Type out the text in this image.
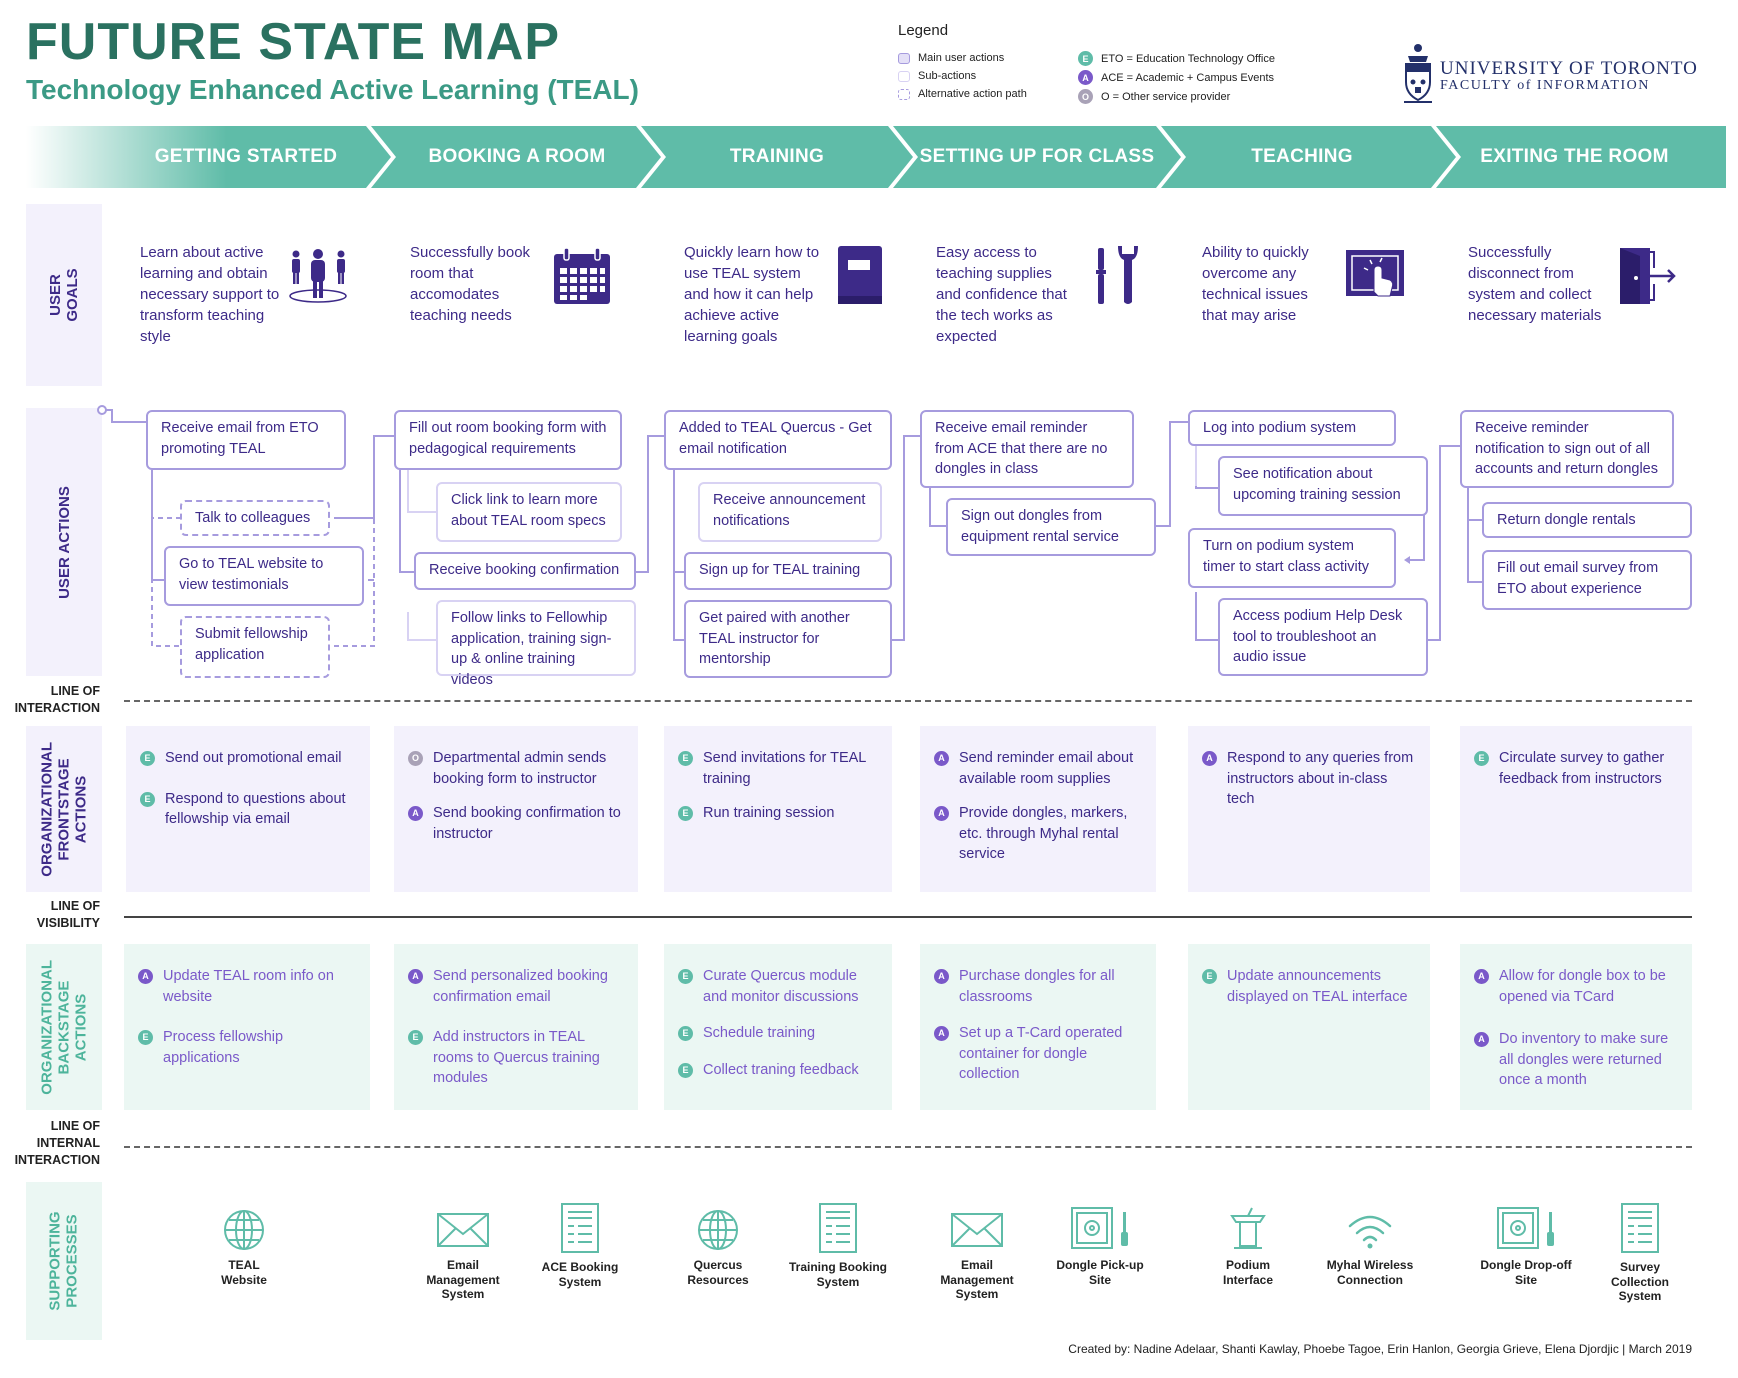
FUTURE STATE MAP
Technology Enhanced Active Learning (TEAL)
Legend
Main user actions
Sub-actions
Alternative action path
E	ETO = Education Technology Office
A	ACE = Academic + Campus Events
O	O = Other service provider
UNIVERSITY OF TORONTO
FACULTY of INFORMATION
GETTING STARTED	BOOKING A ROOM	TRAINING	SETTING UP FOR CLASS	TEACHING	EXITING THE ROOM
USER GOALS
USER ACTIONS
ORGANIZATIONAL FRONTSTAGE ACTIONS
ORGANIZATIONAL BACKSTAGE ACTIONS
SUPPORTING PROCESSES
Learn about active learning and obtain necessary support to transform teaching style
Successfully book room that accomodates teaching needs
Quickly learn how to use TEAL system and how it can help achieve active learning goals
Easy access to teaching supplies and confidence that the tech works as expected
Ability to quickly overcome any technical issues that may arise
Successfully disconnect from system and collect necessary materials
Receive email from ETO promoting TEAL
Talk to colleagues
Go to TEAL website to view testimonials
Submit fellowship application
Fill out room booking form with pedagogical requirements
Click link to learn more about TEAL room specs
Receive booking confirmation
Follow links to Fellowhip application, training sign-up & online training videos
Added to TEAL Quercus - Get email notification
Receive announcement notifications
Sign up for TEAL training
Get paired with another TEAL instructor for mentorship
Receive email reminder from ACE that there are no dongles in class
Sign out dongles from equipment rental service
Log into podium system
See notification about upcoming training session
Turn on podium system timer to start class activity
Access podium Help Desk tool to troubleshoot an audio issue
Receive reminder notification to sign out of all accounts and return dongles
Return dongle rentals
Fill out email survey from ETO about experience
LINE OF INTERACTION
LINE OF VISIBILITY
LINE OF INTERNAL INTERACTION
E	Send out promotional email
E	Respond to questions about fellowship via email
O Departmental admin sends booking form to instructor
A Send booking confirmation to instructor
E	Send invitations for TEAL training
E	Run training session
A Send reminder email about available room supplies
A Provide dongles, markers, etc. through Myhal rental service
A Respond to any queries from instructors about in-class tech
E	Circulate survey to gather feedback from instructors
A Update TEAL room info on website
E	Process fellowship applications
A Send personalized booking confirmation email
E	Add instructors in TEAL rooms to Quercus training modules
E	Curate Quercus module and monitor discussions
E	Schedule training
E	Collect traning feedback
A Purchase dongles for all classrooms
A Set up a T-Card operated container for dongle collection
E	Update announcements displayed on TEAL interface
A Allow for dongle box to be opened via TCard
A Do inventory to make sure all dongles were returned once a month
TEAL Website
Email Management System
ACE Booking System
Quercus Resources
Training Booking System
Email Management System
Dongle Pick-up Site
Podium Interface
Myhal Wireless Connection
Dongle Drop-off Site
Survey Collection System
Created by: Nadine Adelaar, Shanti Kawlay, Phoebe Tagoe, Erin Hanlon, Georgia Grieve, Elena Djordjic | March 2019
